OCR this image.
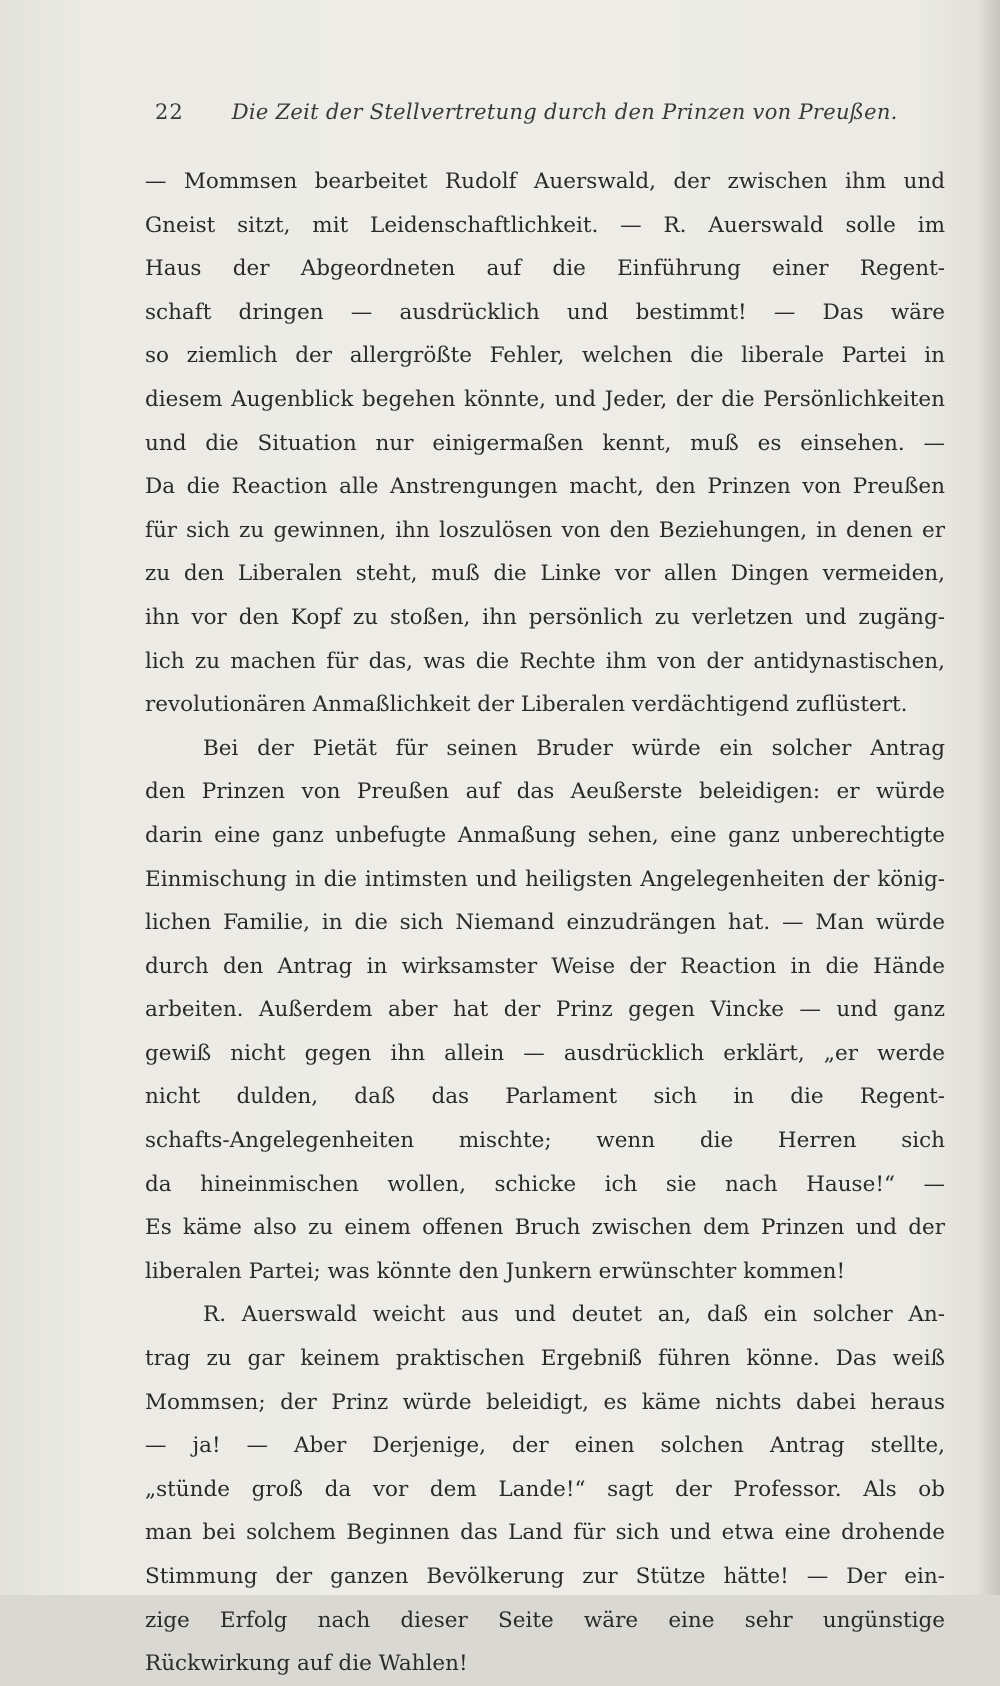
22 Die Zeit der Stellvertretung durch den Prinzen von Preußen.
— Mommsen bearbeitet Rudolf Auerswald, der zwischen ihm und
Gneist sitzt, mit Leidenschaftlichkeit. — R. Auerswald solle im
Haus der Abgeordneten auf die Einführung einer Regent-
schaft dringen — ausdrücklich und bestimmt! — Das wäre
so ziemlich der allergrößte Fehler, welchen die liberale Partei in
diesem Augenblick begehen könnte, und Jeder, der die Persönlichkeiten
und die Situation nur einigermaßen kennt, muß es einsehen. —
Da die Reaction alle Anstrengungen macht, den Prinzen von Preußen
für sich zu gewinnen, ihn loszulösen von den Beziehungen, in denen er
zu den Liberalen steht, muß die Linke vor allen Dingen vermeiden,
ihn vor den Kopf zu stoßen, ihn persönlich zu verletzen und zugäng-
lich zu machen für das, was die Rechte ihm von der antidynastischen,
revolutionären Anmaßlichkeit der Liberalen verdächtigend zuflüstert.
Bei der Pietät für seinen Bruder würde ein solcher Antrag
den Prinzen von Preußen auf das Aeußerste beleidigen: er würde
darin eine ganz unbefugte Anmaßung sehen, eine ganz unberechtigte
Einmischung in die intimsten und heiligsten Angelegenheiten der könig-
lichen Familie, in die sich Niemand einzudrängen hat. — Man würde
durch den Antrag in wirksamster Weise der Reaction in die Hände
arbeiten. Außerdem aber hat der Prinz gegen Vincke — und ganz
gewiß nicht gegen ihn allein — ausdrücklich erklärt, „er werde
nicht dulden, daß das Parlament sich in die Regent-
schafts-Angelegenheiten mischte; wenn die Herren sich
da hineinmischen wollen, schicke ich sie nach Hause!“ —
Es käme also zu einem offenen Bruch zwischen dem Prinzen und der
liberalen Partei; was könnte den Junkern erwünschter kommen!
R. Auerswald weicht aus und deutet an, daß ein solcher An-
trag zu gar keinem praktischen Ergebniß führen könne. Das weiß
Mommsen; der Prinz würde beleidigt, es käme nichts dabei heraus
— ja! — Aber Derjenige, der einen solchen Antrag stellte,
„stünde groß da vor dem Lande!“ sagt der Professor. Als ob
man bei solchem Beginnen das Land für sich und etwa eine drohende
Stimmung der ganzen Bevölkerung zur Stütze hätte! — Der ein-
zige Erfolg nach dieser Seite wäre eine sehr ungünstige
Rückwirkung auf die Wahlen!
